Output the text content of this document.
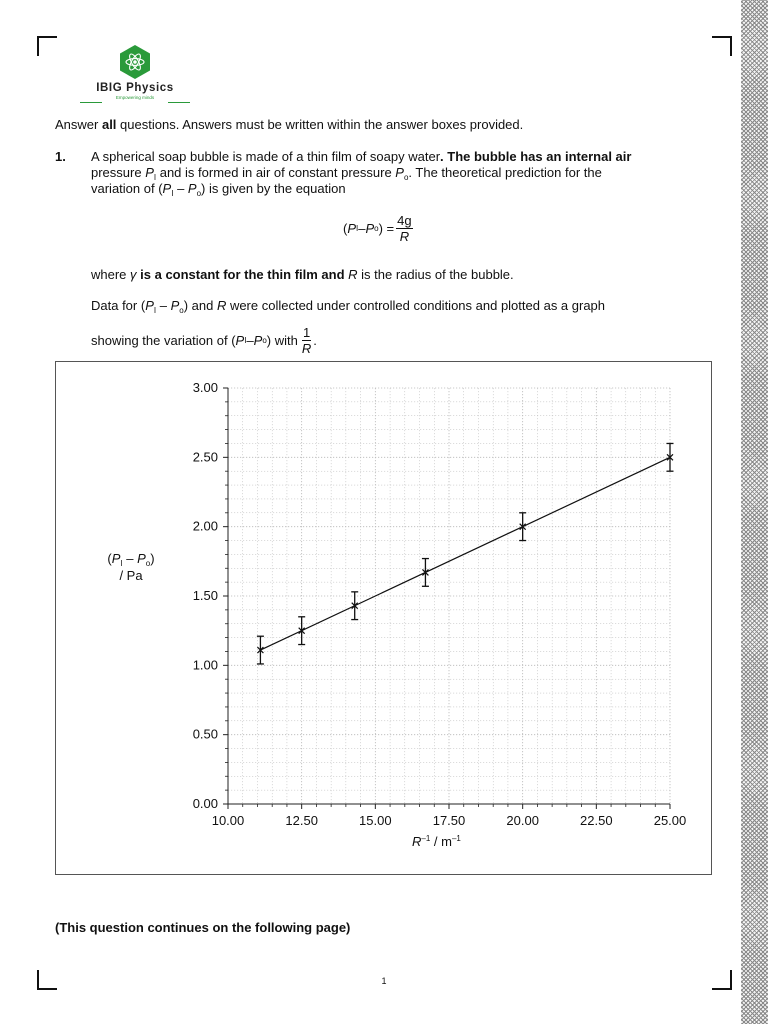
IBIG Physics
Empowering minds

Answer all questions. Answers must be written within the answer boxes provided.

1. A spherical soap bubble is made of a thin film of soapy water. The bubble has an internal air
pressure $P_I$ and is formed in air of constant pressure $P_o$. The theoretical prediction for the
variation of $(P_I - P_o)$ is given by the equation
( P I – P o ) = $\frac{4g}{R}$

where γ is a constant for the thin film and R is the radius of the bubble.

Data for $(P_I - P_o)$ and R were collected under controlled conditions and plotted as a graph

showing the variation of ( P I – P o ) with $\frac{1}{R}$ .
0.00
0.50
1.00
1.50
2.00
2.50
3.00
10.00	12.50	15.00	17.50	20.00	22.50	25.00
$(P_I - P_o)$
/ Pa
$R^{-1} / m^{-1}$

(This question continues on the following page)

1
